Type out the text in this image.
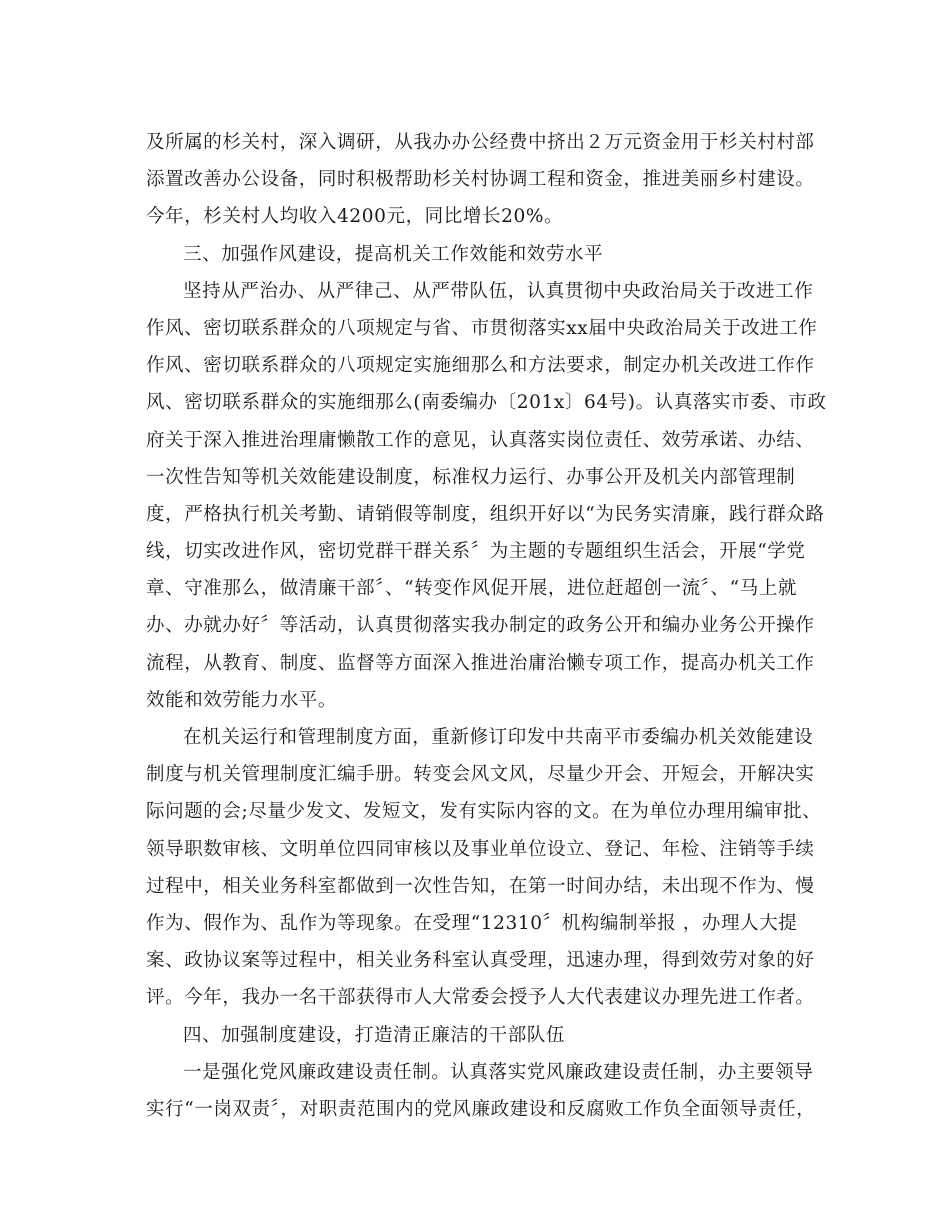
及所属的杉关村，深入调研，从我办办公经费中挤出２万元资金用于杉关村村部
添置改善办公设备，同时积极帮助杉关村协调工程和资金，推进美丽乡村建设。
今年，杉关村人均收入4200元，同比增长20%。
三、加强作风建设，提高机关工作效能和效劳水平
坚持从严治办、从严律己、从严带队伍，认真贯彻中央政治局关于改进工作
作风、密切联系群众的八项规定与省、市贯彻落实xx届中央政治局关于改进工作
作风、密切联系群众的八项规定实施细那么和方法要求，制定办机关改进工作作
风、密切联系群众的实施细那么(南委编办〔201x〕64号)。认真落实市委、市政
府关于深入推进治理庸懒散工作的意见，认真落实岗位责任、效劳承诺、办结、
一次性告知等机关效能建设制度，标准权力运行、办事公开及机关内部管理制
度，严格执行机关考勤、请销假等制度，组织开好以“为民务实清廉，践行群众路
线，切实改进作风，密切党群干群关系〞为主题的专题组织生活会，开展“学党
章、守准那么，做清廉干部〞、“转变作风促开展，进位赶超创一流〞、“马上就
办、办就办好〞等活动，认真贯彻落实我办制定的政务公开和编办业务公开操作
流程，从教育、制度、监督等方面深入推进治庸治懒专项工作，提高办机关工作
效能和效劳能力水平。
在机关运行和管理制度方面，重新修订印发中共南平市委编办机关效能建设
制度与机关管理制度汇编手册。转变会风文风，尽量少开会、开短会，开解决实
际问题的会;尽量少发文、发短文，发有实际内容的文。在为单位办理用编审批、
领导职数审核、文明单位四同审核以及事业单位设立、登记、年检、注销等手续
过程中，相关业务科室都做到一次性告知，在第一时间办结，未出现不作为、慢
作为、假作为、乱作为等现象。在受理“12310〞机构编制举报 ，办理人大提
案、政协议案等过程中，相关业务科室认真受理，迅速办理，得到效劳对象的好
评。今年，我办一名干部获得市人大常委会授予人大代表建议办理先进工作者。
四、加强制度建设，打造清正廉洁的干部队伍
一是强化党风廉政建设责任制。认真落实党风廉政建设责任制，办主要领导
实行“一岗双责〞，对职责范围内的党风廉政建设和反腐败工作负全面领导责任，
